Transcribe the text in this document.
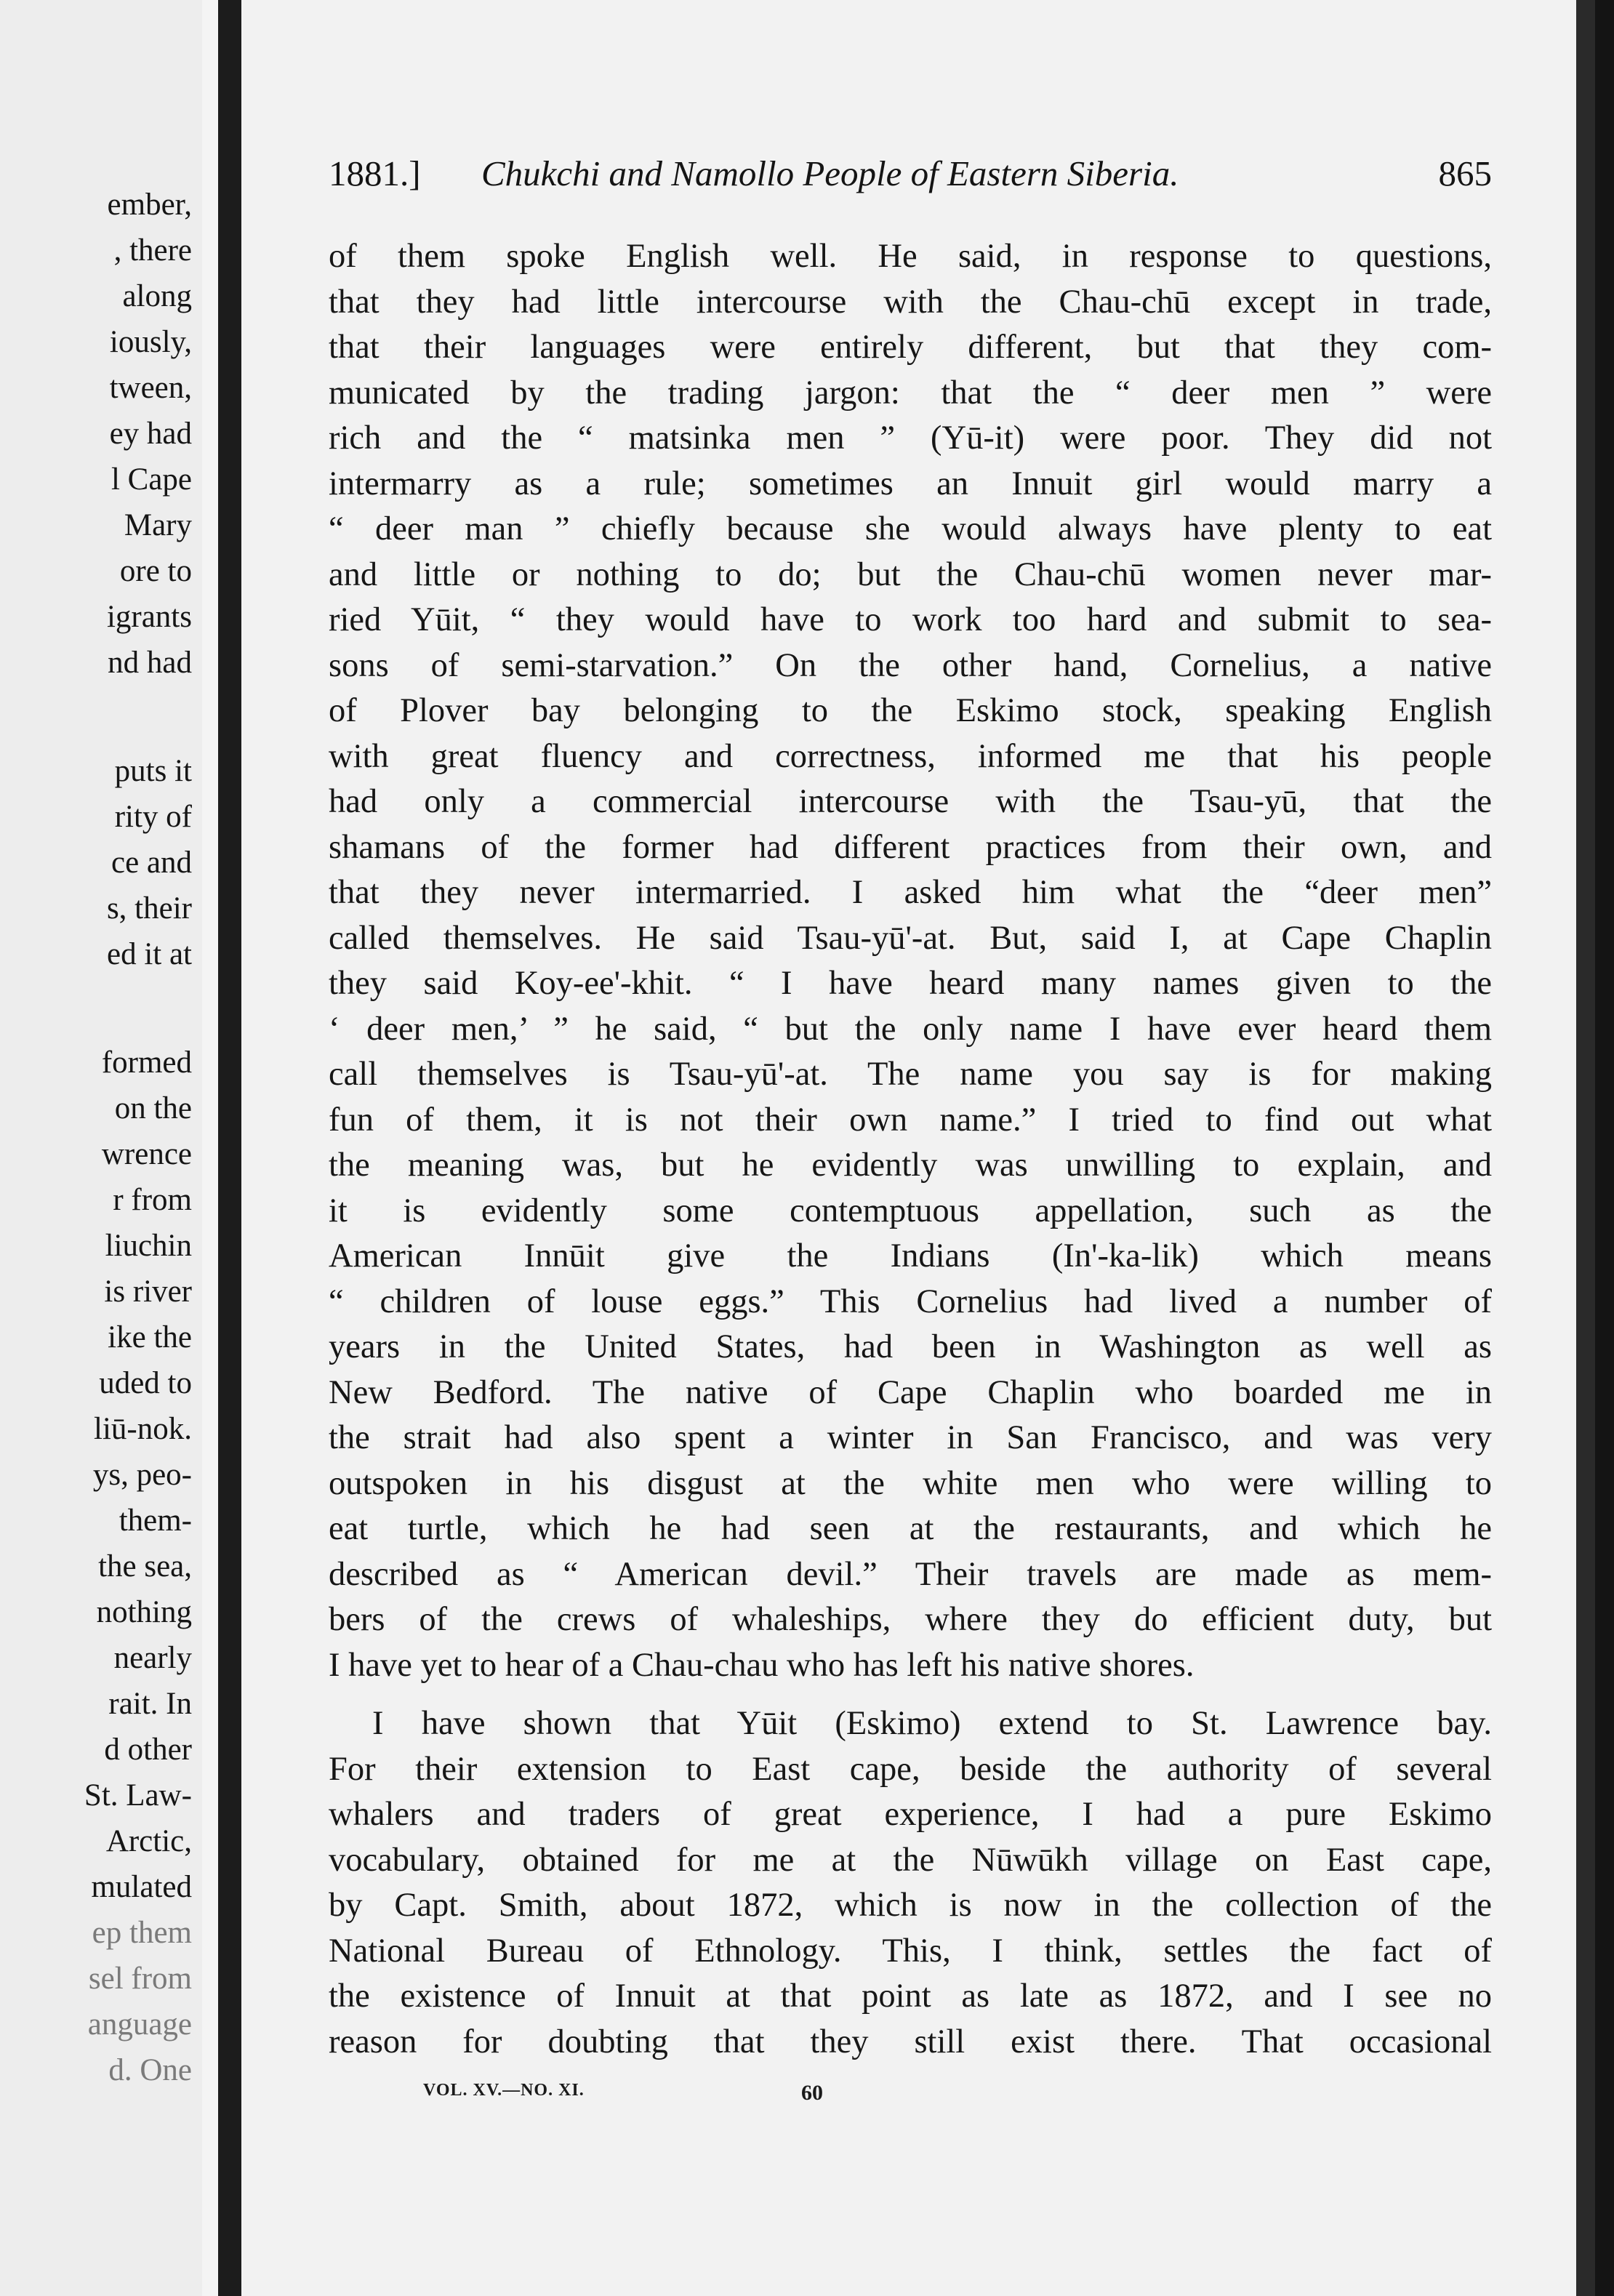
ember,
, there
along
iously,
tween,
ey had
l Cape
Mary
ore to
igrants
nd had
puts it
rity of
ce and
s, their
ed it at
formed
on the
wrence
r from
liuchin
is river
ike the
uded to
liū-nok.
ys, peo-
them-
the sea,
nothing
nearly
rait. In
d other
St. Law-
Arctic,
mulated
ep them
sel from
anguage
d. One
1881.] Chukchi and Namollo People of Eastern Siberia.	865
of them spoke English well. He said, in response to questions,
that they had little intercourse with the Chau-chū except in trade,
that their languages were entirely different, but that they com-
municated by the trading jargon: that the “ deer men ” were
rich and the “ matsinka men ” (Yū-it) were poor. They did not
intermarry as a rule; sometimes an Innuit girl would marry a
“ deer man ” chiefly because she would always have plenty to eat
and little or nothing to do; but the Chau-chū women never mar-
ried Yūit, “ they would have to work too hard and submit to sea-
sons of semi-starvation.” On the other hand, Cornelius, a native
of Plover bay belonging to the Eskimo stock, speaking English
with great fluency and correctness, informed me that his people
had only a commercial intercourse with the Tsau-yū, that the
shamans of the former had different practices from their own, and
that they never intermarried. I asked him what the “deer men”
called themselves. He said Tsau-yū'-at. But, said I, at Cape Chaplin
they said Koy-ee'-khit. “ I have heard many names given to the
‘ deer men,’ ” he said, “ but the only name I have ever heard them
call themselves is Tsau-yū'-at. The name you say is for making
fun of them, it is not their own name.” I tried to find out what
the meaning was, but he evidently was unwilling to explain, and
it is evidently some contemptuous appellation, such as the
American Innūit give the Indians (In'-ka-lik) which means
“ children of louse eggs.” This Cornelius had lived a number of
years in the United States, had been in Washington as well as
New Bedford. The native of Cape Chaplin who boarded me in
the strait had also spent a winter in San Francisco, and was very
outspoken in his disgust at the white men who were willing to
eat turtle, which he had seen at the restaurants, and which he
described as “ American devil.” Their travels are made as mem-
bers of the crews of whaleships, where they do efficient duty, but
I have yet to hear of a Chau-chau who has left his native shores.
I have shown that Yūit (Eskimo) extend to St. Lawrence bay.
For their extension to East cape, beside the authority of several
whalers and traders of great experience, I had a pure Eskimo
vocabulary, obtained for me at the Nūwūkh village on East cape,
by Capt. Smith, about 1872, which is now in the collection of the
National Bureau of Ethnology. This, I think, settles the fact of
the existence of Innuit at that point as late as 1872, and I see no
reason for doubting that they still exist there. That occasional
VOL. XV.—NO. XI.	60
